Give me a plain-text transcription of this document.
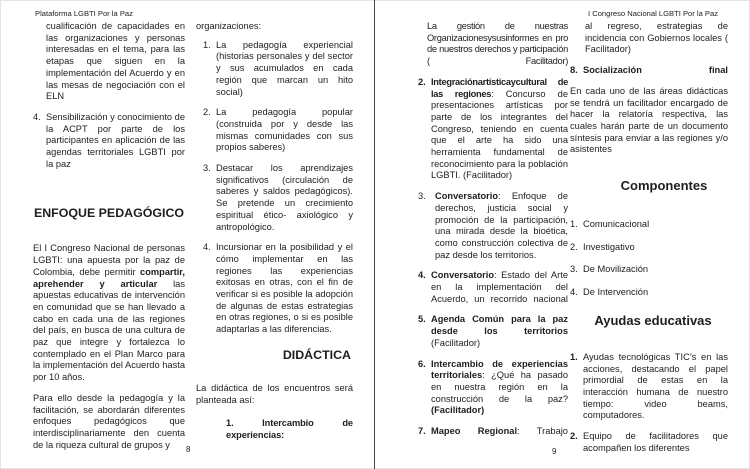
Plataforma LGBTI Por la Paz
cualificación de capacidades en las organizaciones y personas interesadas en el tema, para las etapas que siguen en la implementación del Acuerdo y en las mesas de negociación con el ELN
4. Sensibilización y conocimiento de la ACPT por parte de los participantes en aplicación de las agendas territoriales LGBTI por la paz
ENFOQUE PEDAGÓGICO
El I Congreso Nacional de personas LGBTI: una apuesta por la paz de Colombia, debe permitir compartir, aprehender y articular las apuestas educativas de intervención en comunidad que se han llevado a cabo en cada una de las regiones del país, en busca de una cultura de paz que integre y fortalezca lo contemplado en el Plan Marco para la implementación del Acuerdo hasta por 10 años.
Para ello desde la pedagogía y la facilitación, se abordarán diferentes enfoques pedagógicos que interdisciplinariamente den cuenta de la riqueza cultural de grupos y
organizaciones:
1. La pedagogía experiencial (historias personales y del sector y sus acumulados en cada región que marcan un hito social)
2. La pedagogía popular (construida por y desde las mismas comunidades con sus propios saberes)
3. Destacar los aprendizajes significativos (circulación de saberes y saldos pedagógicos). Se pretende un crecimiento espiritual ético- axiológico y antropológico.
4. Incursionar en la posibilidad y el cómo implementar en las regiones las experiencias exitosas en otras, con el fin de verificar si es posible la adopción de algunas de estas estrategias en otras regiones, o si es posible adaptarlas a las diferencias.
DIDÁCTICA
La didáctica de los encuentros será planteada así:
1. Intercambio de experiencias:
8
I Congreso Nacional LGBTI Por la Paz
La gestión de nuestras Organizacionesysusinformes en pro de nuestros derechos y participación ( Facilitador)
2. Integraciónartísticaycultural de las regiones: Concurso de presentaciones artísticas por parte de los integrantes del Congreso, teniendo en cuenta que el arte ha sido una herramienta fundamental de reconocimiento para la población LGBTI. (Facilitador)
3. Conversatorio: Enfoque de derechos, justicia social y promoción de la participación, una mirada desde la bioética, como construcción colectiva de paz desde los territorios.
4. Conversatorio: Estado del Arte en la implementación del Acuerdo, un recorrido nacional
5. Agenda Común para la paz desde los territorios (Facilitador)
6. Intercambio de experiencias territoriales: ¿Qué ha pasado en nuestra región en la construcción de la paz? (Facilitador)
7. Mapeo Regional: Trabajo
al regreso, estrategias de incidencia con Gobiernos locales ( Facilitador)
8. Socialización	final
En cada uno de las áreas didácticas se tendrá un facilitador encargado de hacer la relatoría respectiva, las cuales harán parte de un documento síntesis para enviar a las regiones y/o asistentes
Componentes
1. Comunicacional
2. Investigativo
3. De Movilización
4. De Intervención
Ayudas educativas
1. Ayudas tecnológicas TIC’s en las acciones, destacando el papel primordial de estas en la interacción humana de nuestro tiempo: video beams, computadores.
2. Equipo de facilitadores que acompañen los diferentes
9
